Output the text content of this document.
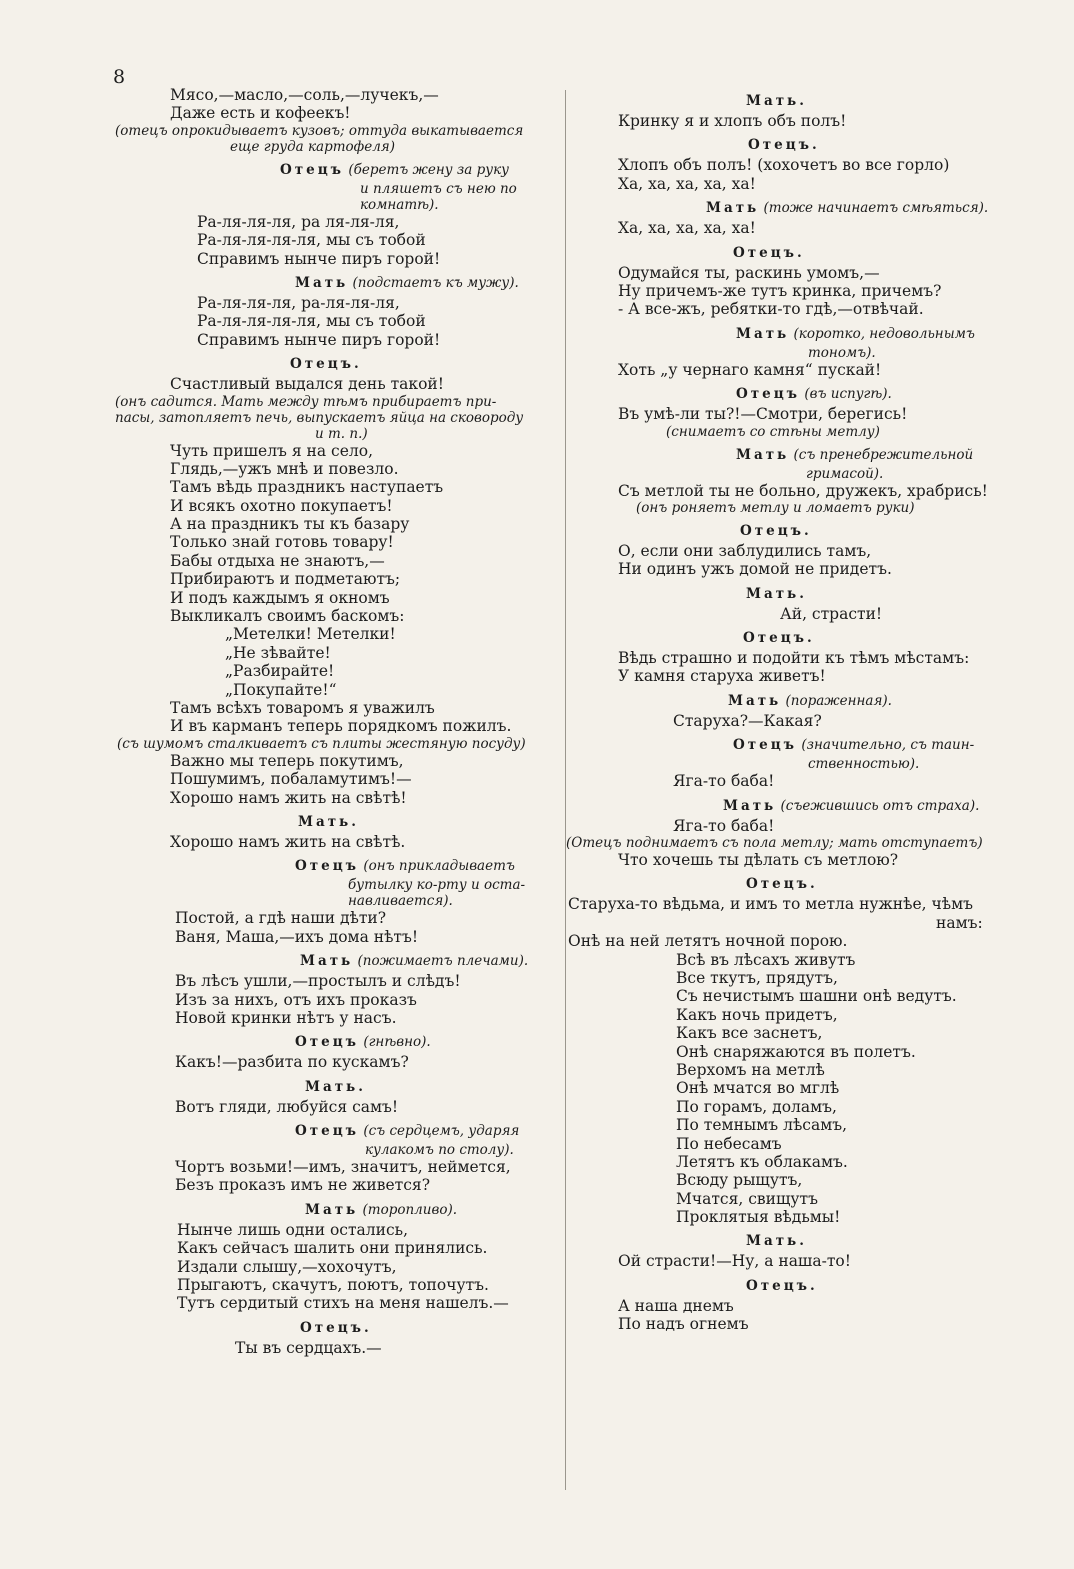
8
Мясо,—масло,—соль,—лучекъ,—
Даже есть и кофеекъ!
(отецъ опрокидываетъ кузовъ; оттуда выкатывается
еще груда картофеля)
Отецъ (беретъ жену за руку
и пляшетъ съ нею по
комнатѣ).
Ра-ля-ля-ля, ра ля-ля-ля,
Ра-ля-ля-ля-ля, мы съ тобой
Справимъ нынче пиръ горой!
Мать (подстаетъ къ мужу).
Ра-ля-ля-ля, ра-ля-ля-ля,
Ра-ля-ля-ля-ля, мы съ тобой
Справимъ нынче пиръ горой!
Отецъ.
Счастливый выдался день такой!
(онъ садится. Мать между тѣмъ прибираетъ при-
пасы, затопляетъ печь, выпускаетъ яйца на сковороду
и т. п.)
Чуть пришелъ я на село,
Глядь,—ужъ мнѣ и повезло.
Тамъ вѣдь праздникъ наступаетъ
И всякъ охотно покупаетъ!
А на праздникъ ты къ базару
Только знай готовь товару!
Бабы отдыха не знаютъ,—
Прибираютъ и подметаютъ;
И подъ каждымъ я окномъ
Выкликалъ своимъ баскомъ:
„Метелки! Метелки!
„Не зѣвайте!
„Разбирайте!
„Покупайте!“
Тамъ всѣхъ товаромъ я уважилъ
И въ карманъ теперь порядкомъ пожилъ.
(съ шумомъ сталкиваетъ съ плиты жестяную посуду)
Важно мы теперь покутимъ,
Пошумимъ, побаламутимъ!—
Хорошо намъ жить на свѣтѣ!
Мать.
Хорошо намъ жить на свѣтѣ.
Отецъ (онъ прикладываетъ
бутылку ко-рту и оста-
навливается).
Постой, а гдѣ наши дѣти?
Ваня, Маша,—ихъ дома нѣтъ!
Мать (пожимаетъ плечами).
Въ лѣсъ ушли,—простылъ и слѣдъ!
Изъ за нихъ, отъ ихъ проказъ
Новой кринки нѣтъ у насъ.
Отецъ (гнѣвно).
Какъ!—разбита по кускамъ?
Мать.
Вотъ гляди, любуйся самъ!
Отецъ (съ сердцемъ, ударяя
кулакомъ по столу).
Чортъ возьми!—имъ, значитъ, неймется,
Безъ проказъ имъ не живется?
Мать (торопливо).
Нынче лишь одни остались,
Какъ сейчасъ шалить они принялись.
Издали слышу,—хохочутъ,
Прыгаютъ, скачутъ, поютъ, топочутъ.
Тутъ сердитый стихъ на меня нашелъ.—
Отецъ.
Ты въ сердцахъ.—
Мать.
Кринку я и хлопъ объ полъ!
Отецъ.
Хлопъ объ полъ! (хохочетъ во все горло)
Ха, ха, ха, ха, ха!
Мать (тоже начинаетъ смѣяться).
Ха, ха, ха, ха, ха!
Отецъ.
Одумайся ты, раскинь умомъ,—
Ну причемъ-же тутъ кринка, причемъ?
- А все-жъ, ребятки-то гдѣ,—отвѣчай.
Мать (коротко, недовольнымъ
тономъ).
Хоть „у чернаго камня“ пускай!
Отецъ (въ испугѣ).
Въ умѣ-ли ты?!—Смотри, берегись!
(снимаетъ со стѣны метлу)
Мать (съ пренебрежительной
гримасой).
Съ метлой ты не больно, дружекъ, храбрись!
(онъ роняетъ метлу и ломаетъ руки)
Отецъ.
О, если они заблудились тамъ,
Ни одинъ ужъ домой не придетъ.
Мать.
Ай, страсти!
Отецъ.
Вѣдь страшно и подойти къ тѣмъ мѣстамъ:
У камня старуха живетъ!
Мать (пораженная).
Старуха?—Какая?
Отецъ (значительно, съ таин-
ственностью).
Яга-то баба!
Мать (съежившись отъ страха).
Яга-то баба!
(Отецъ поднимаетъ съ пола метлу; мать отступаетъ)
Что хочешь ты дѣлать съ метлою?
Отецъ.
Старуха-то вѣдьма, и имъ то метла нужнѣе, чѣмъ
намъ:
Онѣ на ней летятъ ночной порою.
Всѣ въ лѣсахъ живутъ
Все ткутъ, прядутъ,
Съ нечистымъ шашни онѣ ведутъ.
Какъ ночь придетъ,
Какъ все заснетъ,
Онѣ снаряжаются въ полетъ.
Верхомъ на метлѣ
Онѣ мчатся во мглѣ
По горамъ, доламъ,
По темнымъ лѣсамъ,
По небесамъ
Летятъ къ облакамъ.
Всюду рыщутъ,
Мчатся, свищутъ
Проклятыя вѣдьмы!
Мать.
Ой страсти!—Ну, а наша-то!
Отецъ.
А наша днемъ
По надъ огнемъ
